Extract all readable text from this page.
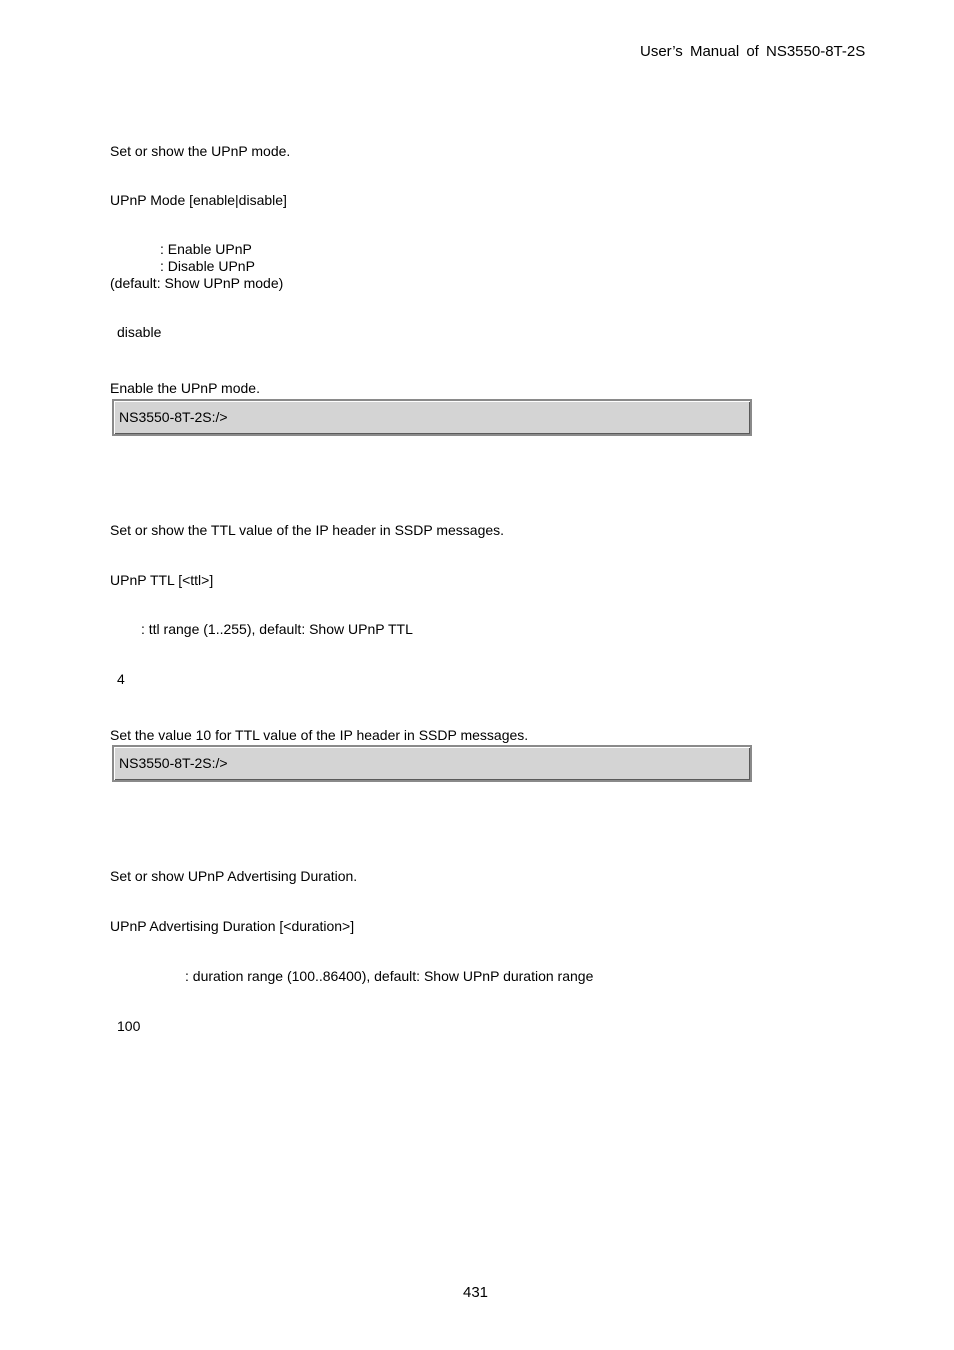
User’s Manual of NS3550-8T-2S
Set or show the UPnP mode.
UPnP Mode [enable|disable]
: Enable UPnP
: Disable UPnP
(default: Show UPnP mode)
disable
Enable the UPnP mode.
NS3550-8T-2S:/>
Set or show the TTL value of the IP header in SSDP messages.
UPnP TTL [<ttl>]
: ttl range (1..255), default: Show UPnP TTL
4
Set the value 10 for TTL value of the IP header in SSDP messages.
NS3550-8T-2S:/>
Set or show UPnP Advertising Duration.
UPnP Advertising Duration [<duration>]
: duration range (100..86400), default: Show UPnP duration range
100
431
